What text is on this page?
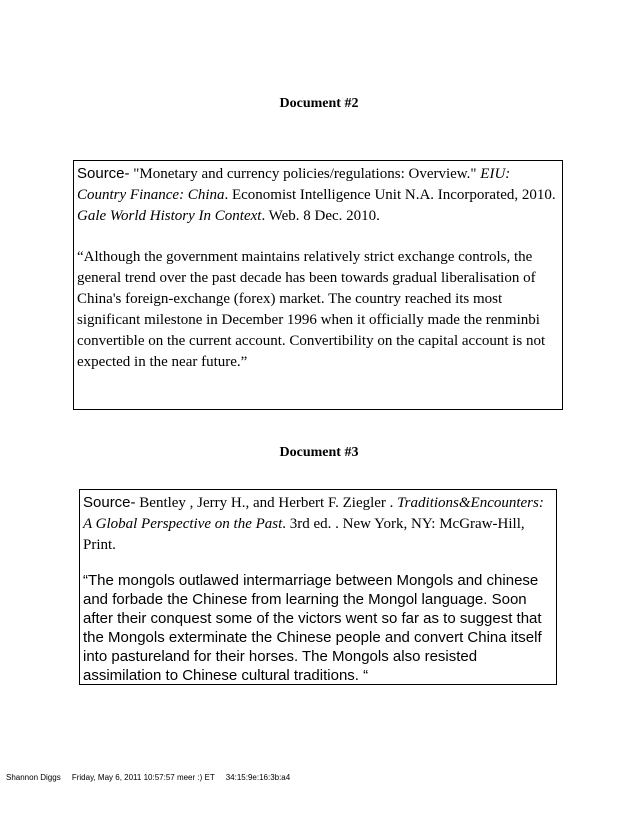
Document #2

Source- "Monetary and currency policies/regulations: Overview." EIU: Country Finance: China. Economist Intelligence Unit N.A. Incorporated, 2010. Gale World History In Context. Web. 8 Dec. 2010.

“Although the government maintains relatively strict exchange controls, the general trend over the past decade has been towards gradual liberalisation of China's foreign-exchange (forex) market. The country reached its most significant milestone in December 1996 when it officially made the renminbi convertible on the current account. Convertibility on the capital account is not expected in the near future.”

Document #3

Source- Bentley , Jerry H., and Herbert F. Ziegler . Traditions&Encounters: A Global Perspective on the Past. 3rd ed. . New York, NY: McGraw-Hill, Print.

“The mongols outlawed intermarriage between Mongols and chinese and forbade the Chinese from learning the Mongol language. Soon after their conquest some of the victors went so far as to suggest that the Mongols exterminate the Chinese people and convert China itself into pastureland for their horses. The Mongols also resisted assimilation to Chinese cultural traditions. “

Shannon Diggs Friday, May 6, 2011 10:57:57 meer :) ET 34:15:9e:16:3b:a4
